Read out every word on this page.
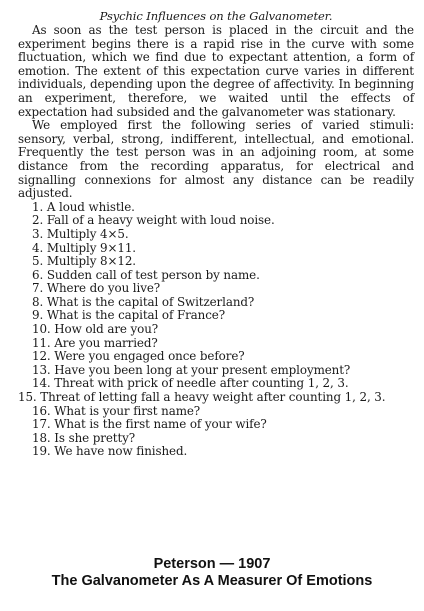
Psychic Influences on the Galvanometer.

As soon as the test person is placed in the circuit and the experiment begins there is a rapid rise in the curve with some fluctuation, which we find due to expectant attention, a form of emotion. The extent of this expectation curve varies in different individuals, depending upon the degree of affectivity. In beginning an experiment, therefore, we waited until the effects of expectation had subsided and the galvanometer was stationary.

We employed first the following series of varied stimuli: sensory, verbal, strong, indifferent, intellectual, and emotional. Frequently the test person was in an adjoining room, at some distance from the recording apparatus, for electrical and signalling connexions for almost any distance can be readily adjusted.

1. A loud whistle.
2. Fall of a heavy weight with loud noise.
3. Multiply 4×5.
4. Multiply 9×11.
5. Multiply 8×12.
6. Sudden call of test person by name.
7. Where do you live?
8. What is the capital of Switzerland?
9. What is the capital of France?
10. How old are you?
11. Are you married?
12. Were you engaged once before?
13. Have you been long at your present employment?
14. Threat with prick of needle after counting 1, 2, 3.
15. Threat of letting fall a heavy weight after counting 1, 2, 3.
16. What is your first name?
17. What is the first name of your wife?
18. Is she pretty?
19. We have now finished.
Peterson — 1907
The Galvanometer As A Measurer Of Emotions
